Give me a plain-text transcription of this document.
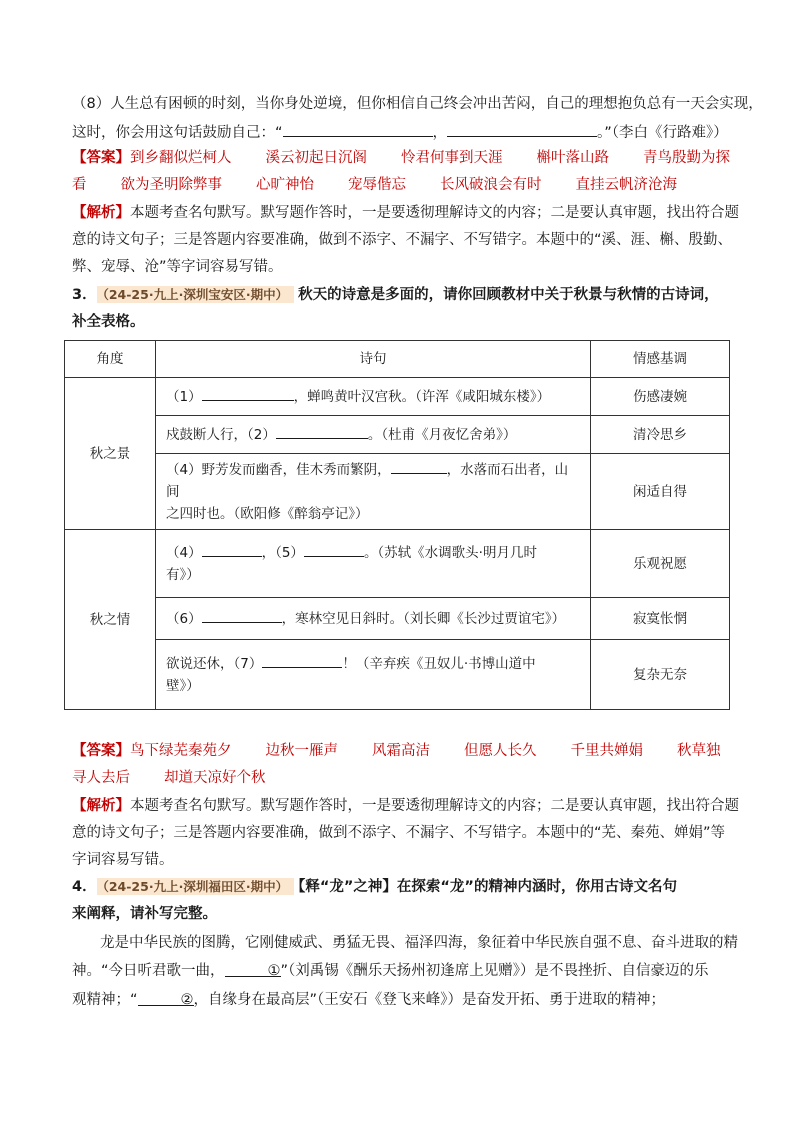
（8）人生总有困顿的时刻，当你身处逆境，但你相信自己终会冲出苦闷，自己的理想抱负总有一天会实现，
这时，你会用这句话鼓励自己：“	，	。”（李白《行路难》）
【答案】到乡翻似烂柯人 溪云初起日沉阁 怜君何事到天涯 槲叶落山路 青鸟殷勤为探
看 欲为圣明除弊事 心旷神怡 宠辱偕忘 长风破浪会有时 直挂云帆济沧海
【解析】本题考查名句默写。默写题作答时，一是要透彻理解诗文的内容；二是要认真审题，找出符合题
意的诗文句子；三是答题内容要准确，做到不添字、不漏字、不写错字。本题中的“溪、涯、槲、殷勤、
弊、宠辱、沧”等字词容易写错。
3． （24-25·九上·深圳宝安区·期中） 秋天的诗意是多面的，请你回顾教材中关于秋景与秋情的古诗词，
补全表格。
角度	诗句	情感基调
秋之景	（1） ，蝉鸣黄叶汉宫秋。（许浑《咸阳城东楼》）	伤感凄婉
	戍鼓断人行，（2） 。（杜甫《月夜忆舍弟》）	清冷思乡
	（4）野芳发而幽香，佳木秀而繁阴， ，水落而石出者，山间
之四时也。（欧阳修《醉翁亭记》）	闲适自得
秋之情	（4） ，（5） 。（苏轼《水调歌头·明月几时
有》）	乐观祝愿
	（6） ，寒林空见日斜时。（刘长卿《长沙过贾谊宅》）	寂寞怅惘
	欲说还休，（7） ！（辛弃疾《丑奴儿·书博山道中
壁》）	复杂无奈
【答案】鸟下绿芜秦苑夕 边秋一雁声 风霜高洁 但愿人长久 千里共婵娟 秋草独
寻人去后 却道天凉好个秋
【解析】本题考查名句默写。默写题作答时，一是要透彻理解诗文的内容；二是要认真审题，找出符合题
意的诗文句子；三是答题内容要准确，做到不添字、不漏字、不写错字。本题中的“芜、秦苑、婵娟”等
字词容易写错。
4． （24-25·九上·深圳福田区·期中） 【释“龙”之神】在探索“龙”的精神内涵时，你用古诗文名句
来阐释，请补写完整。
龙是中华民族的图腾，它刚健威武、勇猛无畏、福泽四海，象征着中华民族自强不息、奋斗进取的精
神。“今日听君歌一曲，	①”（刘禹锡《酬乐天扬州初逢席上见赠》）是不畏挫折、自信豪迈的乐
观精神；“	②，自缘身在最高层”（王安石《登飞来峰》）是奋发开拓、勇于进取的精神；
